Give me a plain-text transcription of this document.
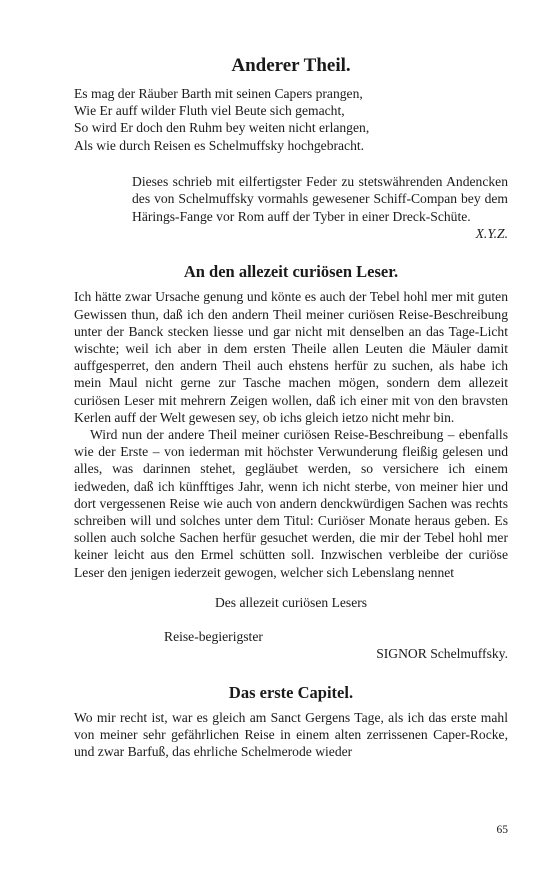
Anderer Theil.
Es mag der Räuber Barth mit seinen Capers prangen,
Wie Er auff wilder Fluth viel Beute sich gemacht,
So wird Er doch den Ruhm bey weiten nicht erlangen,
Als wie durch Reisen es Schelmuffsky hochgebracht.
Dieses schrieb mit eilfertigster Feder zu stetswährenden Andencken des von Schelmuffsky vormahls gewesener Schiff-Compan bey dem Härings-Fange vor Rom auff der Tyber in einer Dreck-Schüte.
X.Y.Z.
An den allezeit curiösen Leser.

Ich hätte zwar Ursache genung und könte es auch der Tebel hohl mer mit guten Gewissen thun, daß ich den andern Theil meiner curiösen Reise-Beschreibung unter der Banck stecken liesse und gar nicht mit denselben an das Tage-Licht wischte; weil ich aber in dem ersten Theile allen Leuten die Mäuler damit auffgesperret, den andern Theil auch ehstens herfür zu suchen, als habe ich mein Maul nicht gerne zur Tasche machen mögen, sondern dem allezeit curiösen Leser mit mehrern Zeigen wollen, daß ich einer mit von den bravsten Kerlen auff der Welt gewesen sey, ob ichs gleich ietzo nicht mehr bin.

Wird nun der andere Theil meiner curiösen Reise-Beschreibung – ebenfalls wie der Erste – von iederman mit höchster Verwunderung fleißig gelesen und alles, was darinnen stehet, gegläubet werden, so versichere ich einem iedweden, daß ich künfftiges Jahr, wenn ich nicht sterbe, von meiner hier und dort vergessenen Reise wie auch von andern denckwürdigen Sachen was rechts schreiben will und solches unter dem Titul: Curiöser Monate heraus geben. Es sollen auch solche Sachen herfür gesuchet werden, die mir der Tebel hohl mer keiner leicht aus den Ermel schütten soll. Inzwischen verbleibe der curiöse Leser den jenigen iederzeit gewogen, welcher sich Lebenslang nennet

Des allezeit curiösen Lesers
Reise-begierigster
SIGNOR Schelmuffsky.
Das erste Capitel.

Wo mir recht ist, war es gleich am Sanct Gergens Tage, als ich das erste mahl von meiner sehr gefährlichen Reise in einem alten zerrissenen Caper-Rocke, und zwar Barfuß, das ehrliche Schelmerode wieder

65
